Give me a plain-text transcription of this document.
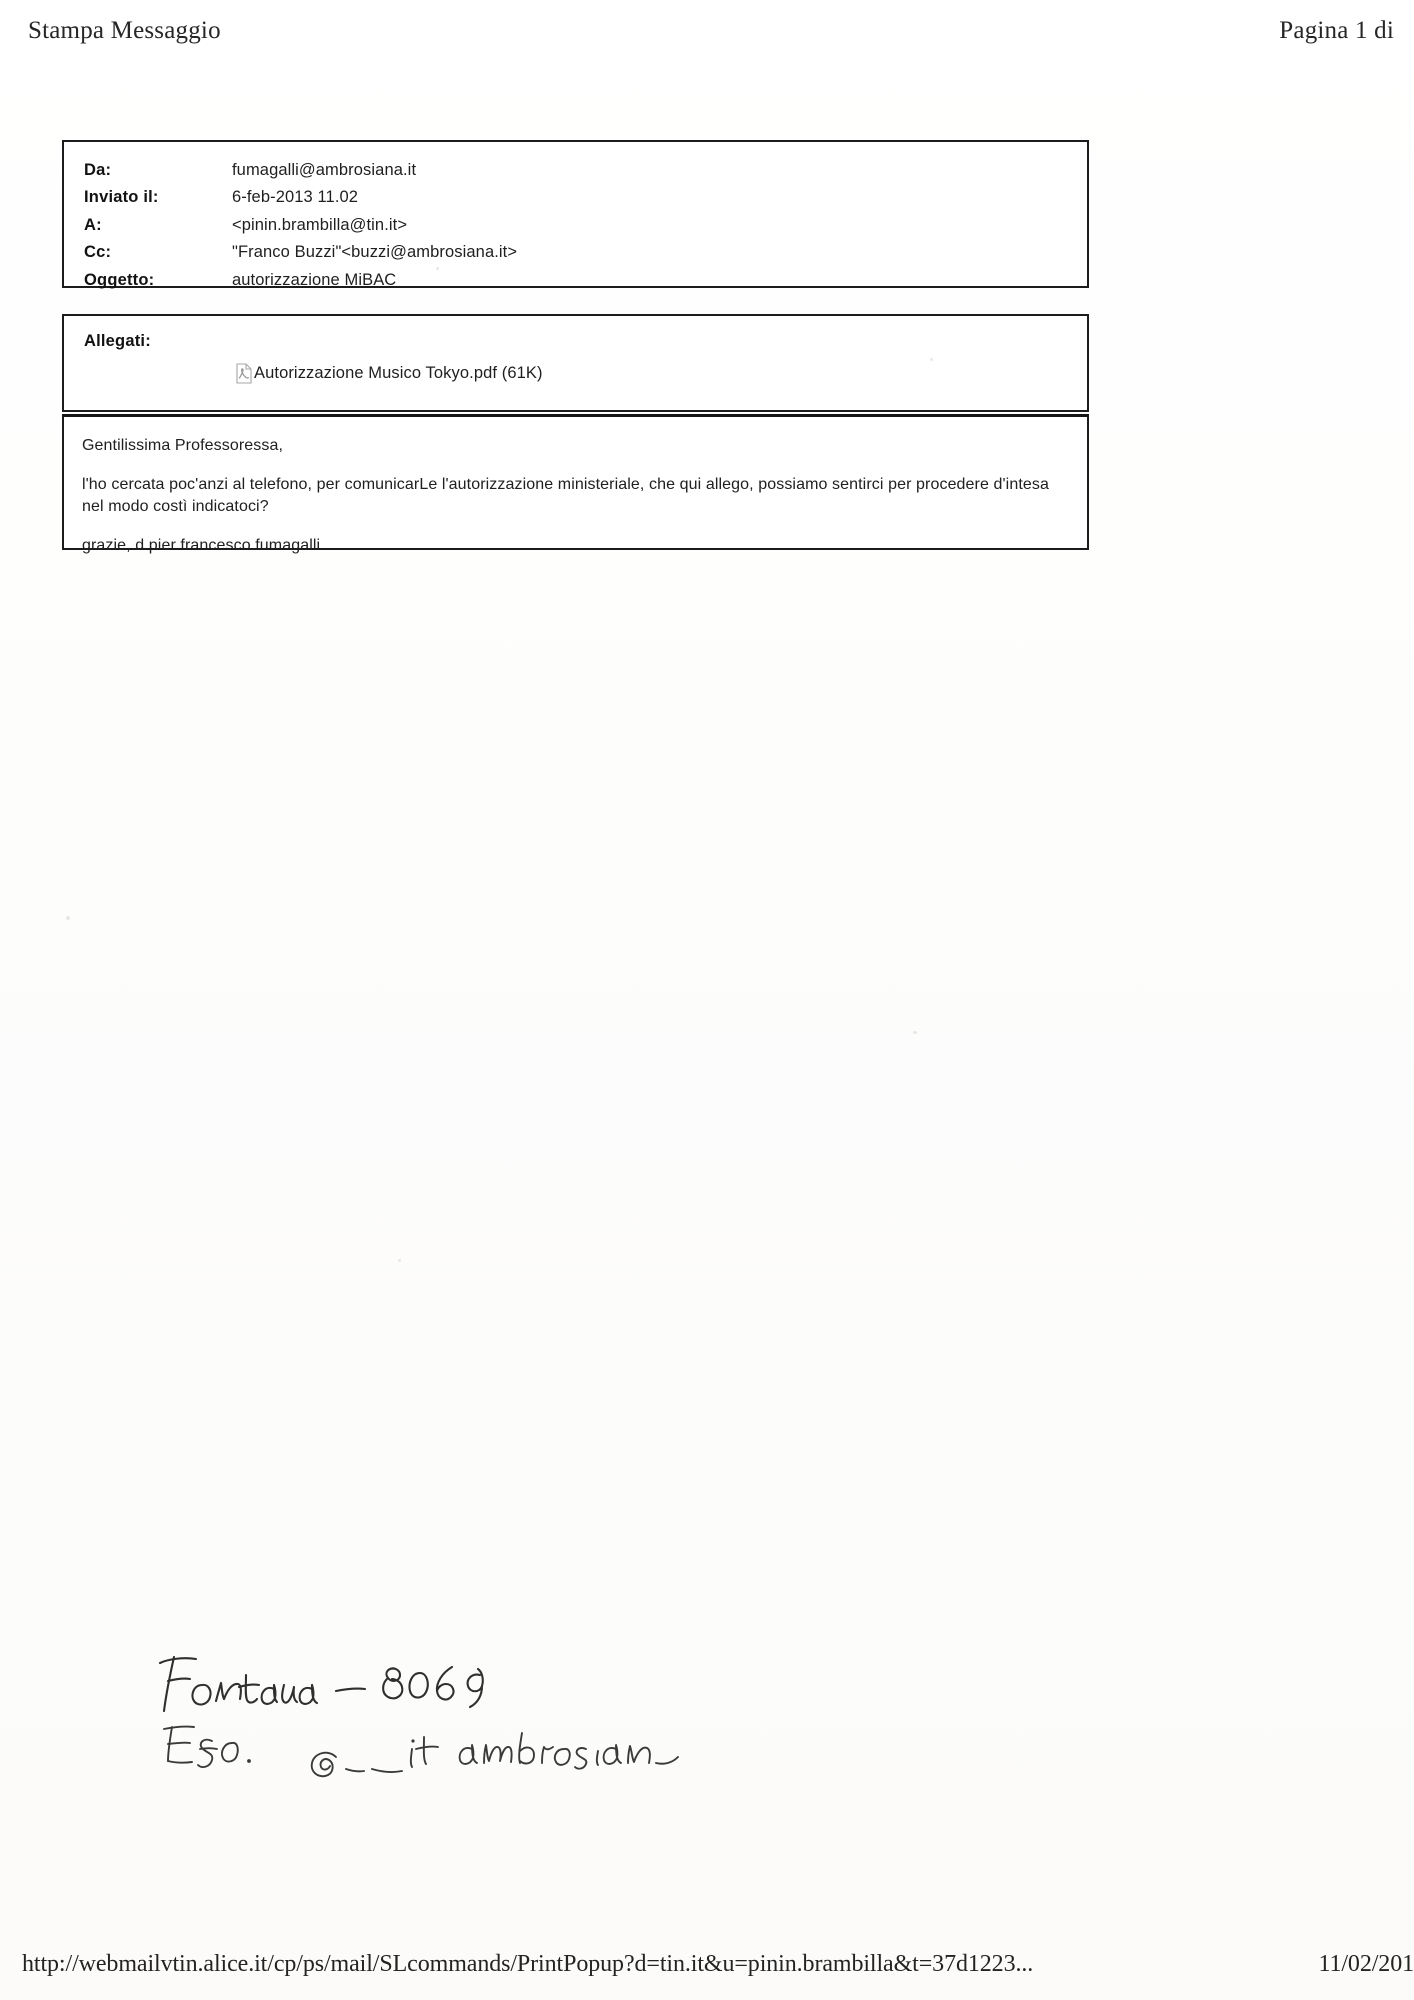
Stampa Messaggio	Pagina 1 di
Da:	fumagalli@ambrosiana.it
Inviato il:	6-feb-2013 11.02
A:	<pinin.brambilla@tin.it>
Cc:	"Franco Buzzi"<buzzi@ambrosiana.it>
Oggetto:	autorizzazione MiBAC
Allegati:
Autorizzazione Musico Tokyo.pdf (61K)

Gentilissima Professoressa,

l'ho cercata poc'anzi al telefono, per comunicarLe l'autorizzazione ministeriale, che qui allego, possiamo sentirci per procedere d'intesa nel modo costì indicatoci?

grazie, d pier francesco fumagalli

http://webmailvtin.alice.it/cp/ps/mail/SLcommands/PrintPopup?d=tin.it&u=pinin.brambilla&t=37d1223...	11/02/201
